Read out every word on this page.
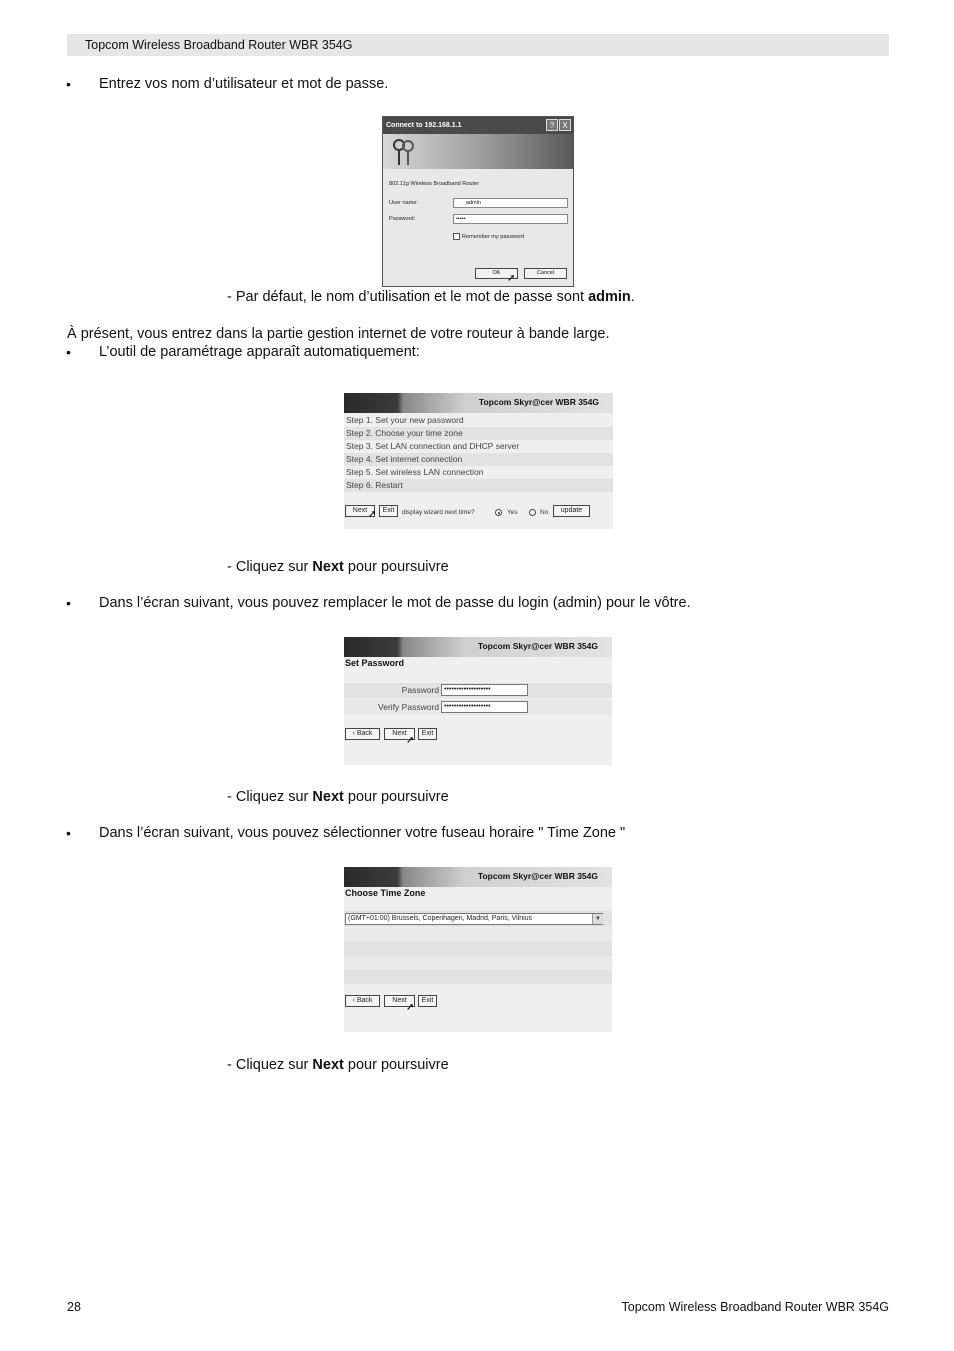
Topcom Wireless Broadband Router WBR 354G
• Entrez vos nom d’utilisateur et mot de passe.
Connect to 192.168.1.1	?	X
802.11g Wireless Broadband Router
User name:	admin
Password:	•••••
Remember my password
OK	Cancel
➚
- Par défaut, le nom d’utilisation et le mot de passe sont admin.
À présent, vous entrez dans la partie gestion internet de votre routeur à bande large.
• L’outil de paramétrage apparaît automatiquement:
Topcom Skyr@cer WBR 354G
Step 1. Set your new password
Step 2. Choose your time zone
Step 3. Set LAN connection and DHCP server
Step 4. Set internet connection
Step 5. Set wireless LAN connection
Step 6. Restart
Next	Exit	display wizard next time?	Yes	No	update
➚
- Cliquez sur Next pour poursuivre
• Dans l’écran suivant, vous pouvez remplacer le mot de passe du login (admin) pour le vôtre.
Topcom Skyr@cer WBR 354G
Set Password
Password •••••••••••••••••••
Verify Password •••••••••••••••••••
‹ Back	Next	Exit
➚
- Cliquez sur Next pour poursuivre
• Dans l’écran suivant, vous pouvez sélectionner votre fuseau horaire " Time Zone "
Topcom Skyr@cer WBR 354G
Choose Time Zone
(GMT+01:00) Brussels, Copenhagen, Madrid, Paris, Vilnius	▼
‹ Back	Next	Exit
➚
- Cliquez sur Next pour poursuivre
28	Topcom Wireless Broadband Router WBR 354G
